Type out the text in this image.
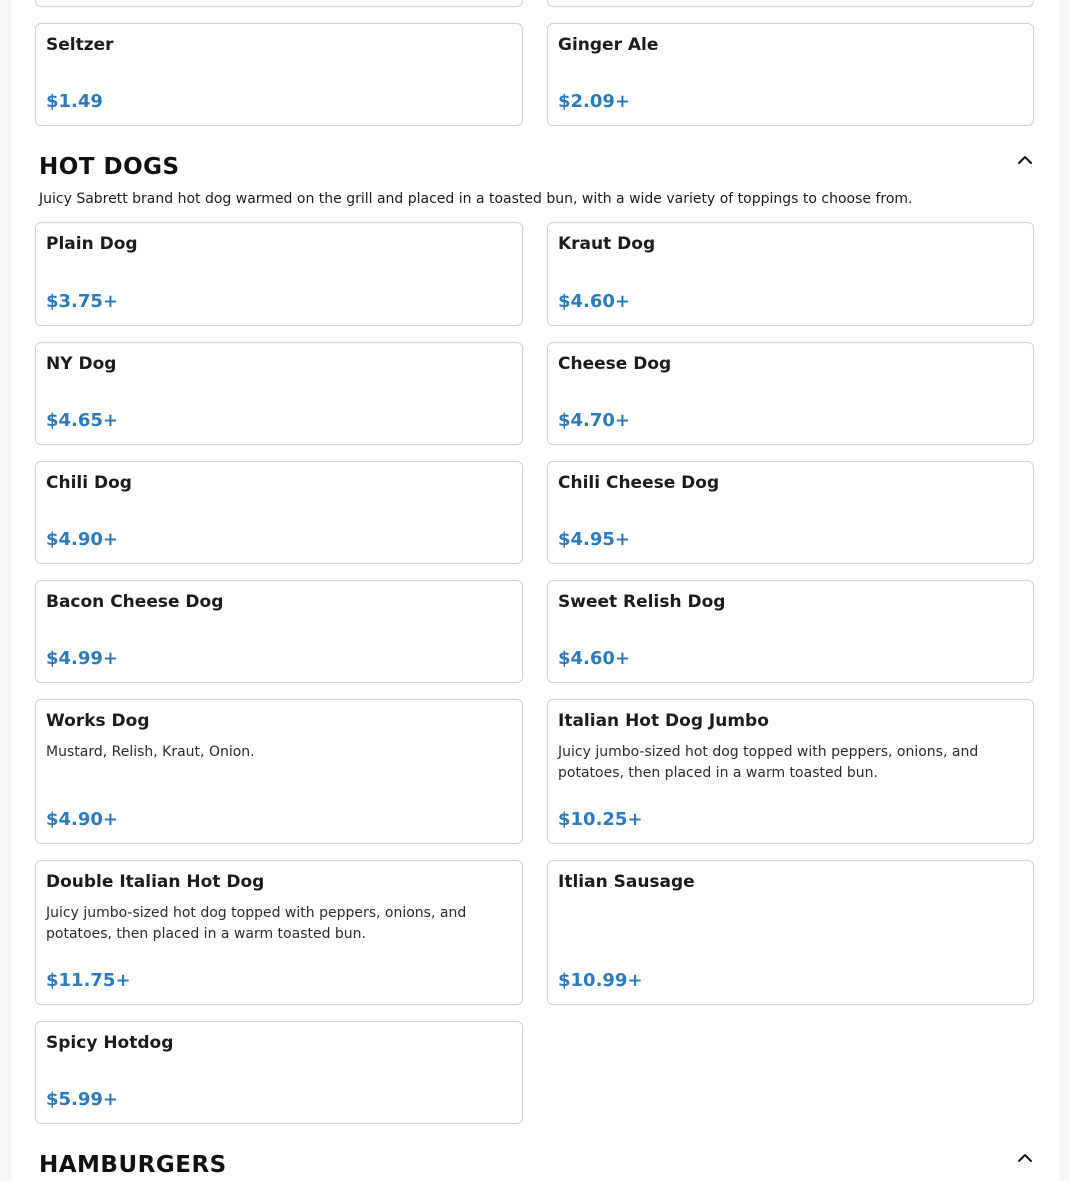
Seltzer
$1.49
Ginger Ale
$2.09+
HOT DOGS
Juicy Sabrett brand hot dog warmed on the grill and placed in a toasted bun, with a wide variety of toppings to choose from.
Plain Dog
$3.75+
Kraut Dog
$4.60+
NY Dog
$4.65+
Cheese Dog
$4.70+
Chili Dog
$4.90+
Chili Cheese Dog
$4.95+
Bacon Cheese Dog
$4.99+
Sweet Relish Dog
$4.60+
Works Dog
Mustard, Relish, Kraut, Onion.
$4.90+
Italian Hot Dog Jumbo
Juicy jumbo-sized hot dog topped with peppers, onions, and potatoes, then placed in a warm toasted bun.
$10.25+
Double Italian Hot Dog
Juicy jumbo-sized hot dog topped with peppers, onions, and potatoes, then placed in a warm toasted bun.
$11.75+
Itlian Sausage
$10.99+
Spicy Hotdog
$5.99+
HAMBURGERS
